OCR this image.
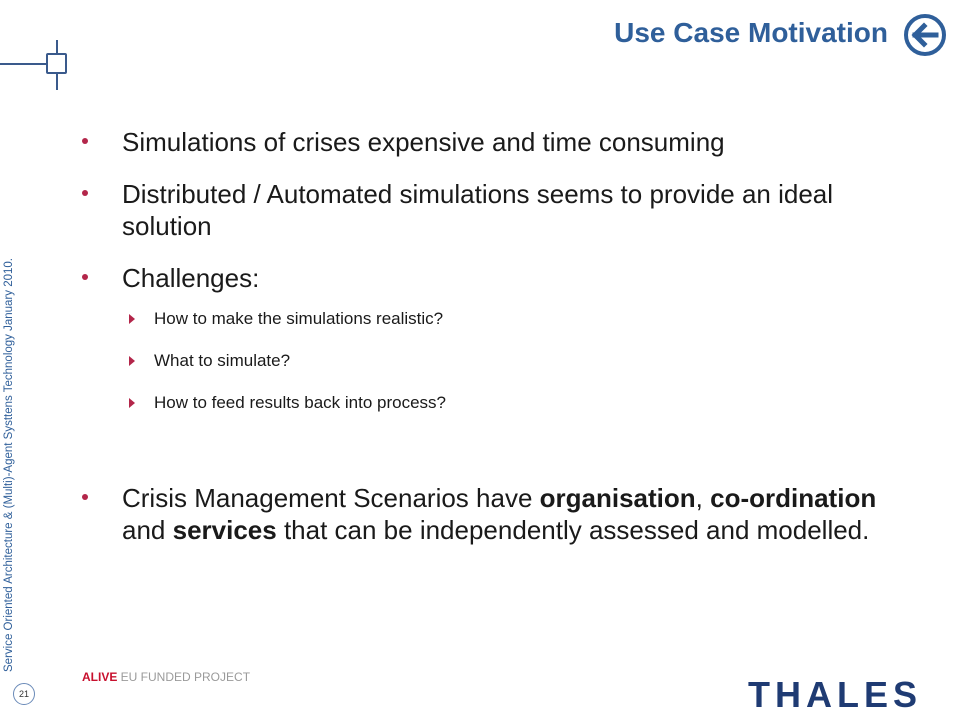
Use Case Motivation
Service Oriented Architecture & (Multi)-Agent Systtens Technology January 2010.
Simulations of crises expensive and time consuming
Distributed / Automated simulations seems to provide an ideal solution
Challenges:
How to make the simulations realistic?
What to simulate?
How to feed results back into process?
Crisis Management Scenarios have organisation, co-ordination and services that can be independently assessed and modelled.
21
ALIVE EU FUNDED PROJECT	THALES
